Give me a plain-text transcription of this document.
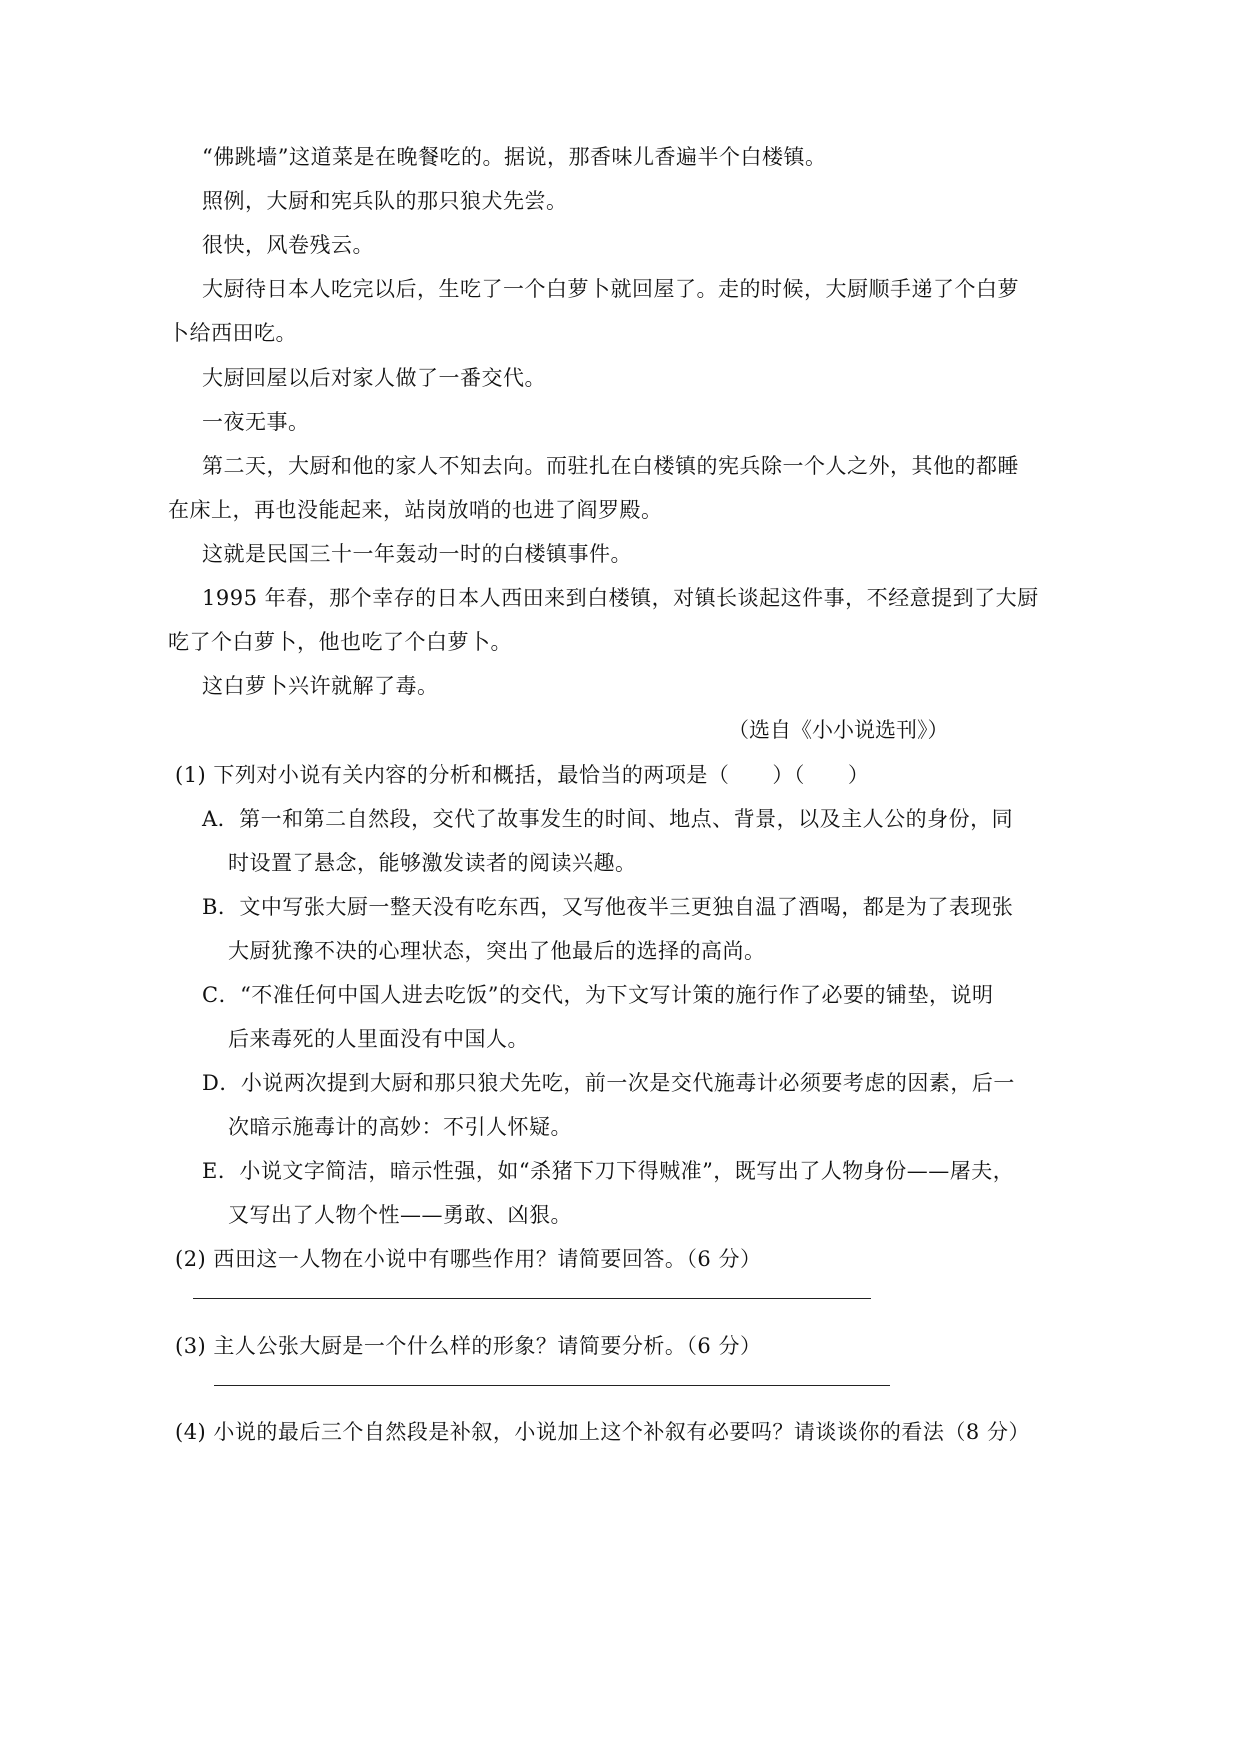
“佛跳墙”这道菜是在晚餐吃的。据说，那香味儿香遍半个白楼镇。
照例，大厨和宪兵队的那只狼犬先尝。
很快，风卷残云。
大厨待日本人吃完以后，生吃了一个白萝卜就回屋了。走的时候，大厨顺手递了个白萝
卜给西田吃。
大厨回屋以后对家人做了一番交代。
一夜无事。
第二天，大厨和他的家人不知去向。而驻扎在白楼镇的宪兵除一个人之外，其他的都睡
在床上，再也没能起来，站岗放哨的也进了阎罗殿。
这就是民国三十一年轰动一时的白楼镇事件。
1995 年春，那个幸存的日本人西田来到白楼镇，对镇长谈起这件事，不经意提到了大厨
吃了个白萝卜，他也吃了个白萝卜。
这白萝卜兴许就解了毒。
（选自《小小说选刊》）
(1) 下列对小说有关内容的分析和概括，最恰当的两项是（　　）（　　）
A．第一和第二自然段，交代了故事发生的时间、地点、背景，以及主人公的身份，同
时设置了悬念，能够激发读者的阅读兴趣。
B．文中写张大厨一整天没有吃东西，又写他夜半三更独自温了酒喝，都是为了表现张
大厨犹豫不决的心理状态，突出了他最后的选择的高尚。
C．“不准任何中国人进去吃饭”的交代，为下文写计策的施行作了必要的铺垫，说明
后来毒死的人里面没有中国人。
D．小说两次提到大厨和那只狼犬先吃，前一次是交代施毒计必须要考虑的因素，后一
次暗示施毒计的高妙：不引人怀疑。
E．小说文字简洁，暗示性强，如“杀猪下刀下得贼准”，既写出了人物身份——屠夫，
又写出了人物个性——勇敢、凶狠。
(2) 西田这一人物在小说中有哪些作用？请简要回答。（6 分）
(3) 主人公张大厨是一个什么样的形象？请简要分析。（6 分）
(4) 小说的最后三个自然段是补叙，小说加上这个补叙有必要吗？请谈谈你的看法（8 分）
